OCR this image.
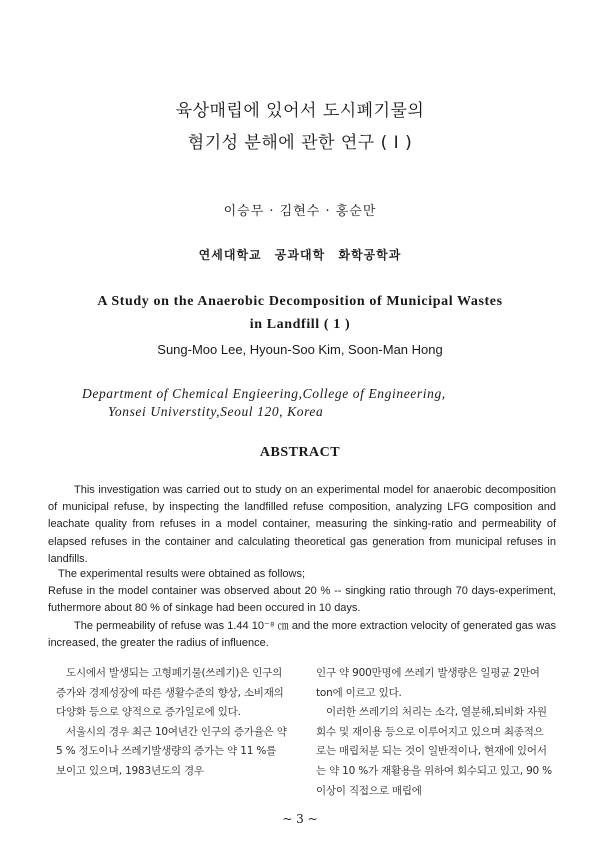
육상매립에 있어서 도시폐기물의
혐기성 분해에 관한 연구 ( I )
이승무 · 김현수 · 홍순만
연세대학교 공과대학 화학공학과
A Study on the Anaerobic Decomposition of Municipal Wastes
in Landfill ( 1 )
Sung-Moo Lee, Hyoun-Soo Kim, Soon-Man Hong
Department of Chemical Engieering,College of Engineering,
Yonsei Universtity,Seoul 120, Korea
ABSTRACT

This investigation was carried out to study on an experimental model for anaerobic decomposition of municipal refuse, by inspecting the landfilled refuse composition, analyzing LFG composition and leachate quality from refuses in a model container, measuring the sinking-ratio and permeability of elapsed refuses in the container and calculating theoretical gas generation from municipal refuses in landfills.

The experimental results were obtained as follows;

Refuse in the model container was observed about 20 % -- singking ratio through 70 days-experiment, futhermore about 80 % of sinkage had been occured in 10 days.

The permeability of refuse was 1.44 10⁻⁸ ㎝ and the more extraction velocity of generated gas was increased, the greater the radius of influence.

도시에서 발생되는 고형폐기물(쓰레기)은 인구의 증가와 경제성장에 따른 생활수준의 향상, 소비재의 다양화 등으로 양적으로 증가일로에 있다.

서울시의 경우 최근 10여년간 인구의 증가율은 약 5 % 정도이나 쓰레기발생량의 증가는 약 11 %를 보이고 있으며, 1983년도의 경우

인구 약 900만명에 쓰레기 발생량은 일평균 2만여 ton에 이르고 있다.

이러한 쓰레기의 처리는 소각, 열분해,퇴비화 자원회수 및 재이용 등으로 이루어지고 있으며 최종적으로는 매립처분 되는 것이 일반적이나, 현재에 있어서는 약 10 %가 재활용을 위하여 회수되고 있고, 90 % 이상이 직접으로 매립에

~ 3 ~
